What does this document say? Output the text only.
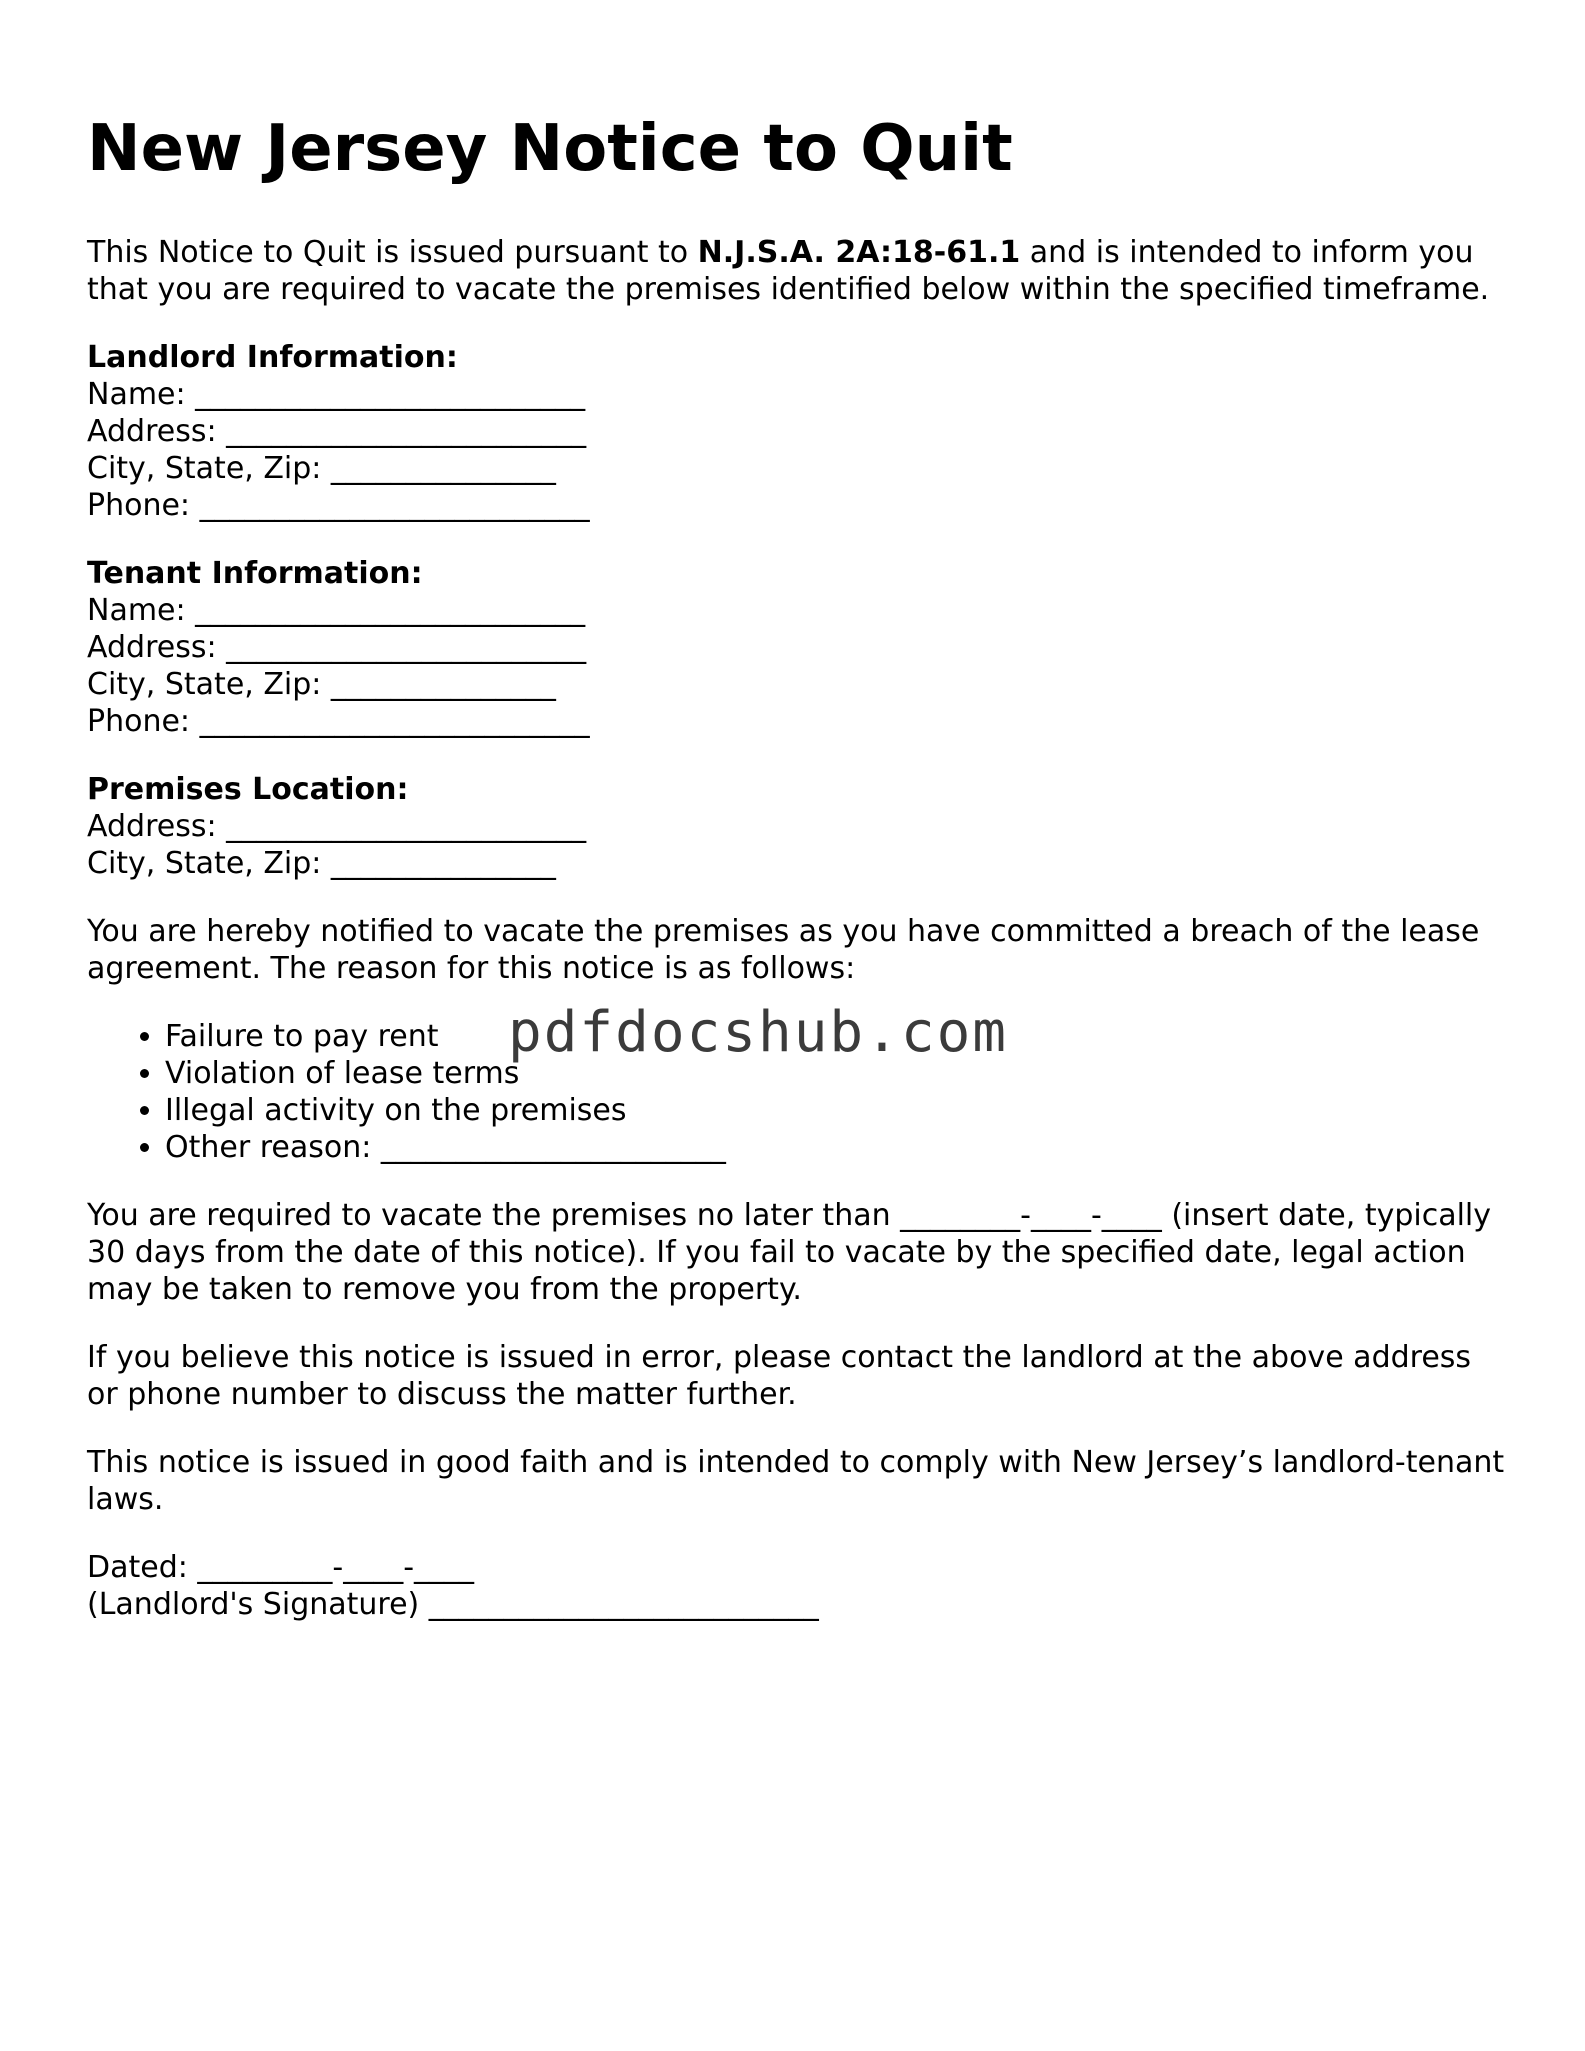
New Jersey Notice to Quit

This Notice to Quit is issued pursuant to N.J.S.A. 2A:18-61.1 and is intended to inform you that you are required to vacate the premises identified below within the specified timeframe.

Landlord Information:
Name: __________________________
Address: ________________________
City, State, Zip: _______________
Phone: __________________________
Tenant Information:
Name: __________________________
Address: ________________________
City, State, Zip: _______________
Phone: __________________________
Premises Location:
Address: ________________________
City, State, Zip: _______________

You are hereby notified to vacate the premises as you have committed a breach of the lease agreement. The reason for this notice is as follows:

• Failure to pay rent
• Violation of lease terms
• Illegal activity on the premises
• Other reason: _______________________

You are required to vacate the premises no later than ________-____-____ (insert date, typically 30 days from the date of this notice). If you fail to vacate by the specified date, legal action may be taken to remove you from the property.

If you believe this notice is issued in error, please contact the landlord at the above address or phone number to discuss the matter further.

This notice is issued in good faith and is intended to comply with New Jersey’s landlord-tenant laws.

Dated: _________-____-____
(Landlord's Signature) __________________________
pdfdocshub.com
